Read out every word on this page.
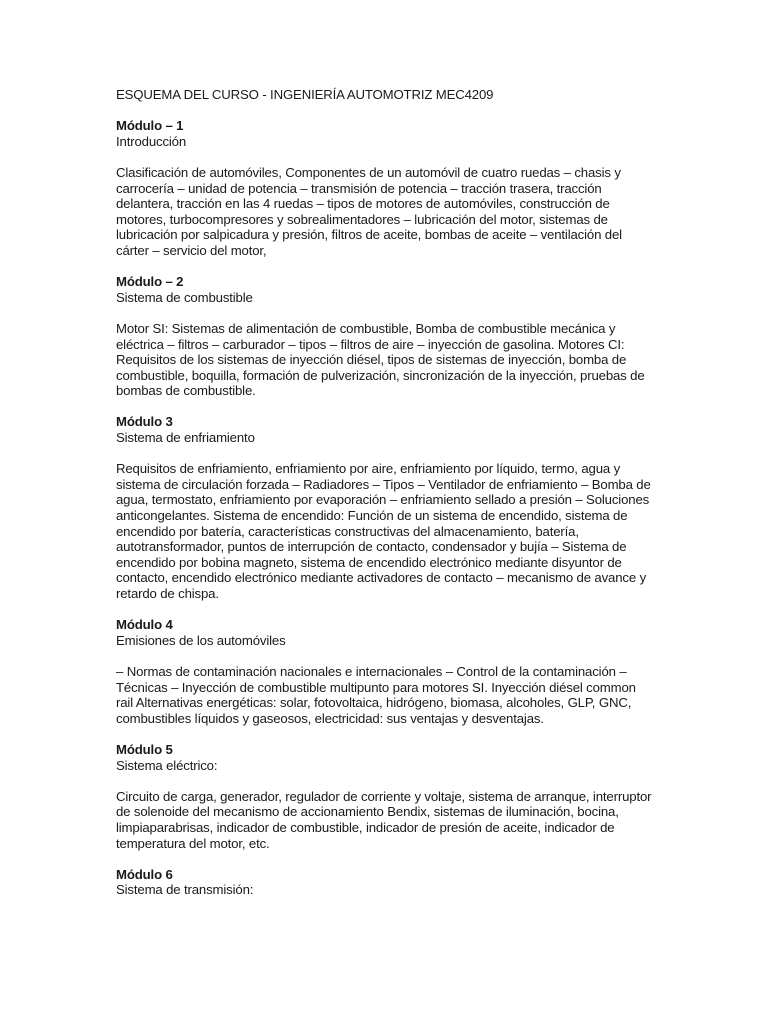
ESQUEMA DEL CURSO - INGENIERÍA AUTOMOTRIZ MEC4209

Módulo – 1

Introducción

Clasificación de automóviles, Componentes de un automóvil de cuatro ruedas – chasis y carrocería – unidad de potencia – transmisión de potencia – tracción trasera, tracción delantera, tracción en las 4 ruedas – tipos de motores de automóviles, construcción de motores, turbocompresores y sobrealimentadores – lubricación del motor, sistemas de lubricación por salpicadura y presión, filtros de aceite, bombas de aceite – ventilación del cárter – servicio del motor,

Módulo – 2

Sistema de combustible

Motor SI: Sistemas de alimentación de combustible, Bomba de combustible mecánica y eléctrica – filtros – carburador – tipos – filtros de aire – inyección de gasolina. Motores CI: Requisitos de los sistemas de inyección diésel, tipos de sistemas de inyección, bomba de combustible, boquilla, formación de pulverización, sincronización de la inyección, pruebas de bombas de combustible.

Módulo 3

Sistema de enfriamiento

Requisitos de enfriamiento, enfriamiento por aire, enfriamiento por líquido, termo, agua y sistema de circulación forzada – Radiadores – Tipos – Ventilador de enfriamiento – Bomba de agua, termostato, enfriamiento por evaporación – enfriamiento sellado a presión – Soluciones anticongelantes. Sistema de encendido: Función de un sistema de encendido, sistema de encendido por batería, características constructivas del almacenamiento, batería, autotransformador, puntos de interrupción de contacto, condensador y bujía – Sistema de encendido por bobina magneto, sistema de encendido electrónico mediante disyuntor de contacto, encendido electrónico mediante activadores de contacto – mecanismo de avance y retardo de chispa.

Módulo 4

Emisiones de los automóviles

– Normas de contaminación nacionales e internacionales – Control de la contaminación – Técnicas – Inyección de combustible multipunto para motores SI. Inyección diésel common rail Alternativas energéticas: solar, fotovoltaica, hidrógeno, biomasa, alcoholes, GLP, GNC, combustibles líquidos y gaseosos, electricidad: sus ventajas y desventajas.

Módulo 5

Sistema eléctrico:

Circuito de carga, generador, regulador de corriente y voltaje, sistema de arranque, interruptor de solenoide del mecanismo de accionamiento Bendix, sistemas de iluminación, bocina, limpiaparabrisas, indicador de combustible, indicador de presión de aceite, indicador de temperatura del motor, etc.

Módulo 6

Sistema de transmisión:
